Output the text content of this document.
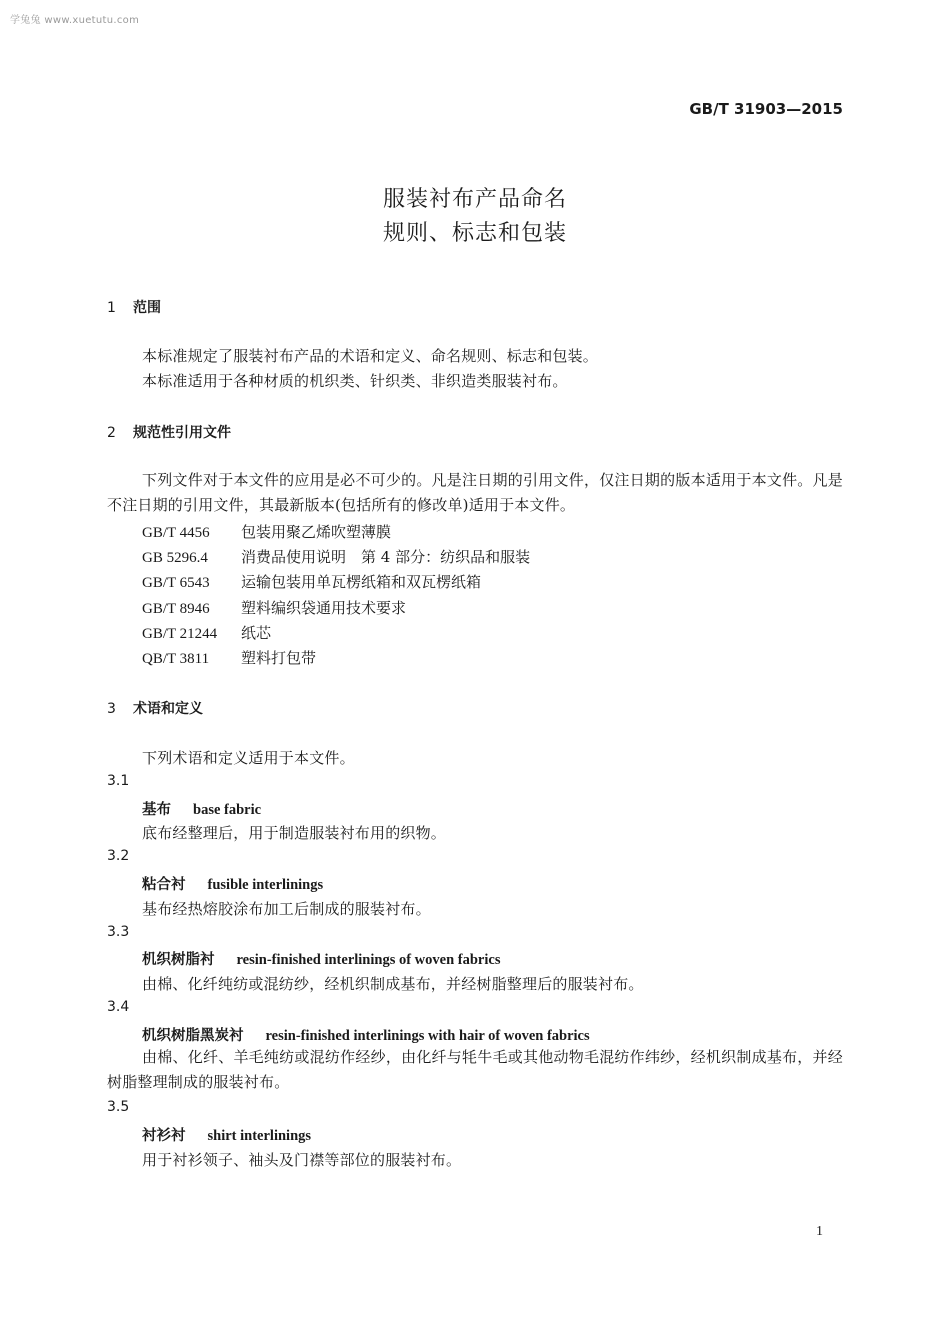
学兔兔 www.xuetutu.com
GB/T 31903—2015
服装衬布产品命名
规则、标志和包装
1 范围
本标准规定了服装衬布产品的术语和定义、命名规则、标志和包装。
本标准适用于各种材质的机织类、针织类、非织造类服装衬布。
2 规范性引用文件
下列文件对于本文件的应用是必不可少的。凡是注日期的引用文件，仅注日期的版本适用于本文件。凡是不注日期的引用文件，其最新版本(包括所有的修改单)适用于本文件。
GB/T 4456 包装用聚乙烯吹塑薄膜
GB 5296.4 消费品使用说明　第 4 部分：纺织品和服装
GB/T 6543 运输包装用单瓦楞纸箱和双瓦楞纸箱
GB/T 8946 塑料编织袋通用技术要求
GB/T 21244 纸芯
QB/T 3811 塑料打包带
3 术语和定义
下列术语和定义适用于本文件。
3.1
基布 base fabric
底布经整理后，用于制造服装衬布用的织物。
3.2
粘合衬 fusible interlinings
基布经热熔胶涂布加工后制成的服装衬布。
3.3
机织树脂衬 resin-finished interlinings of woven fabrics
由棉、化纤纯纺或混纺纱，经机织制成基布，并经树脂整理后的服装衬布。
3.4
机织树脂黑炭衬 resin-finished interlinings with hair of woven fabrics
由棉、化纤、羊毛纯纺或混纺作经纱，由化纤与牦牛毛或其他动物毛混纺作纬纱，经机织制成基布，并经树脂整理制成的服装衬布。
3.5
衬衫衬 shirt interlinings
用于衬衫领子、袖头及门襟等部位的服装衬布。
1
